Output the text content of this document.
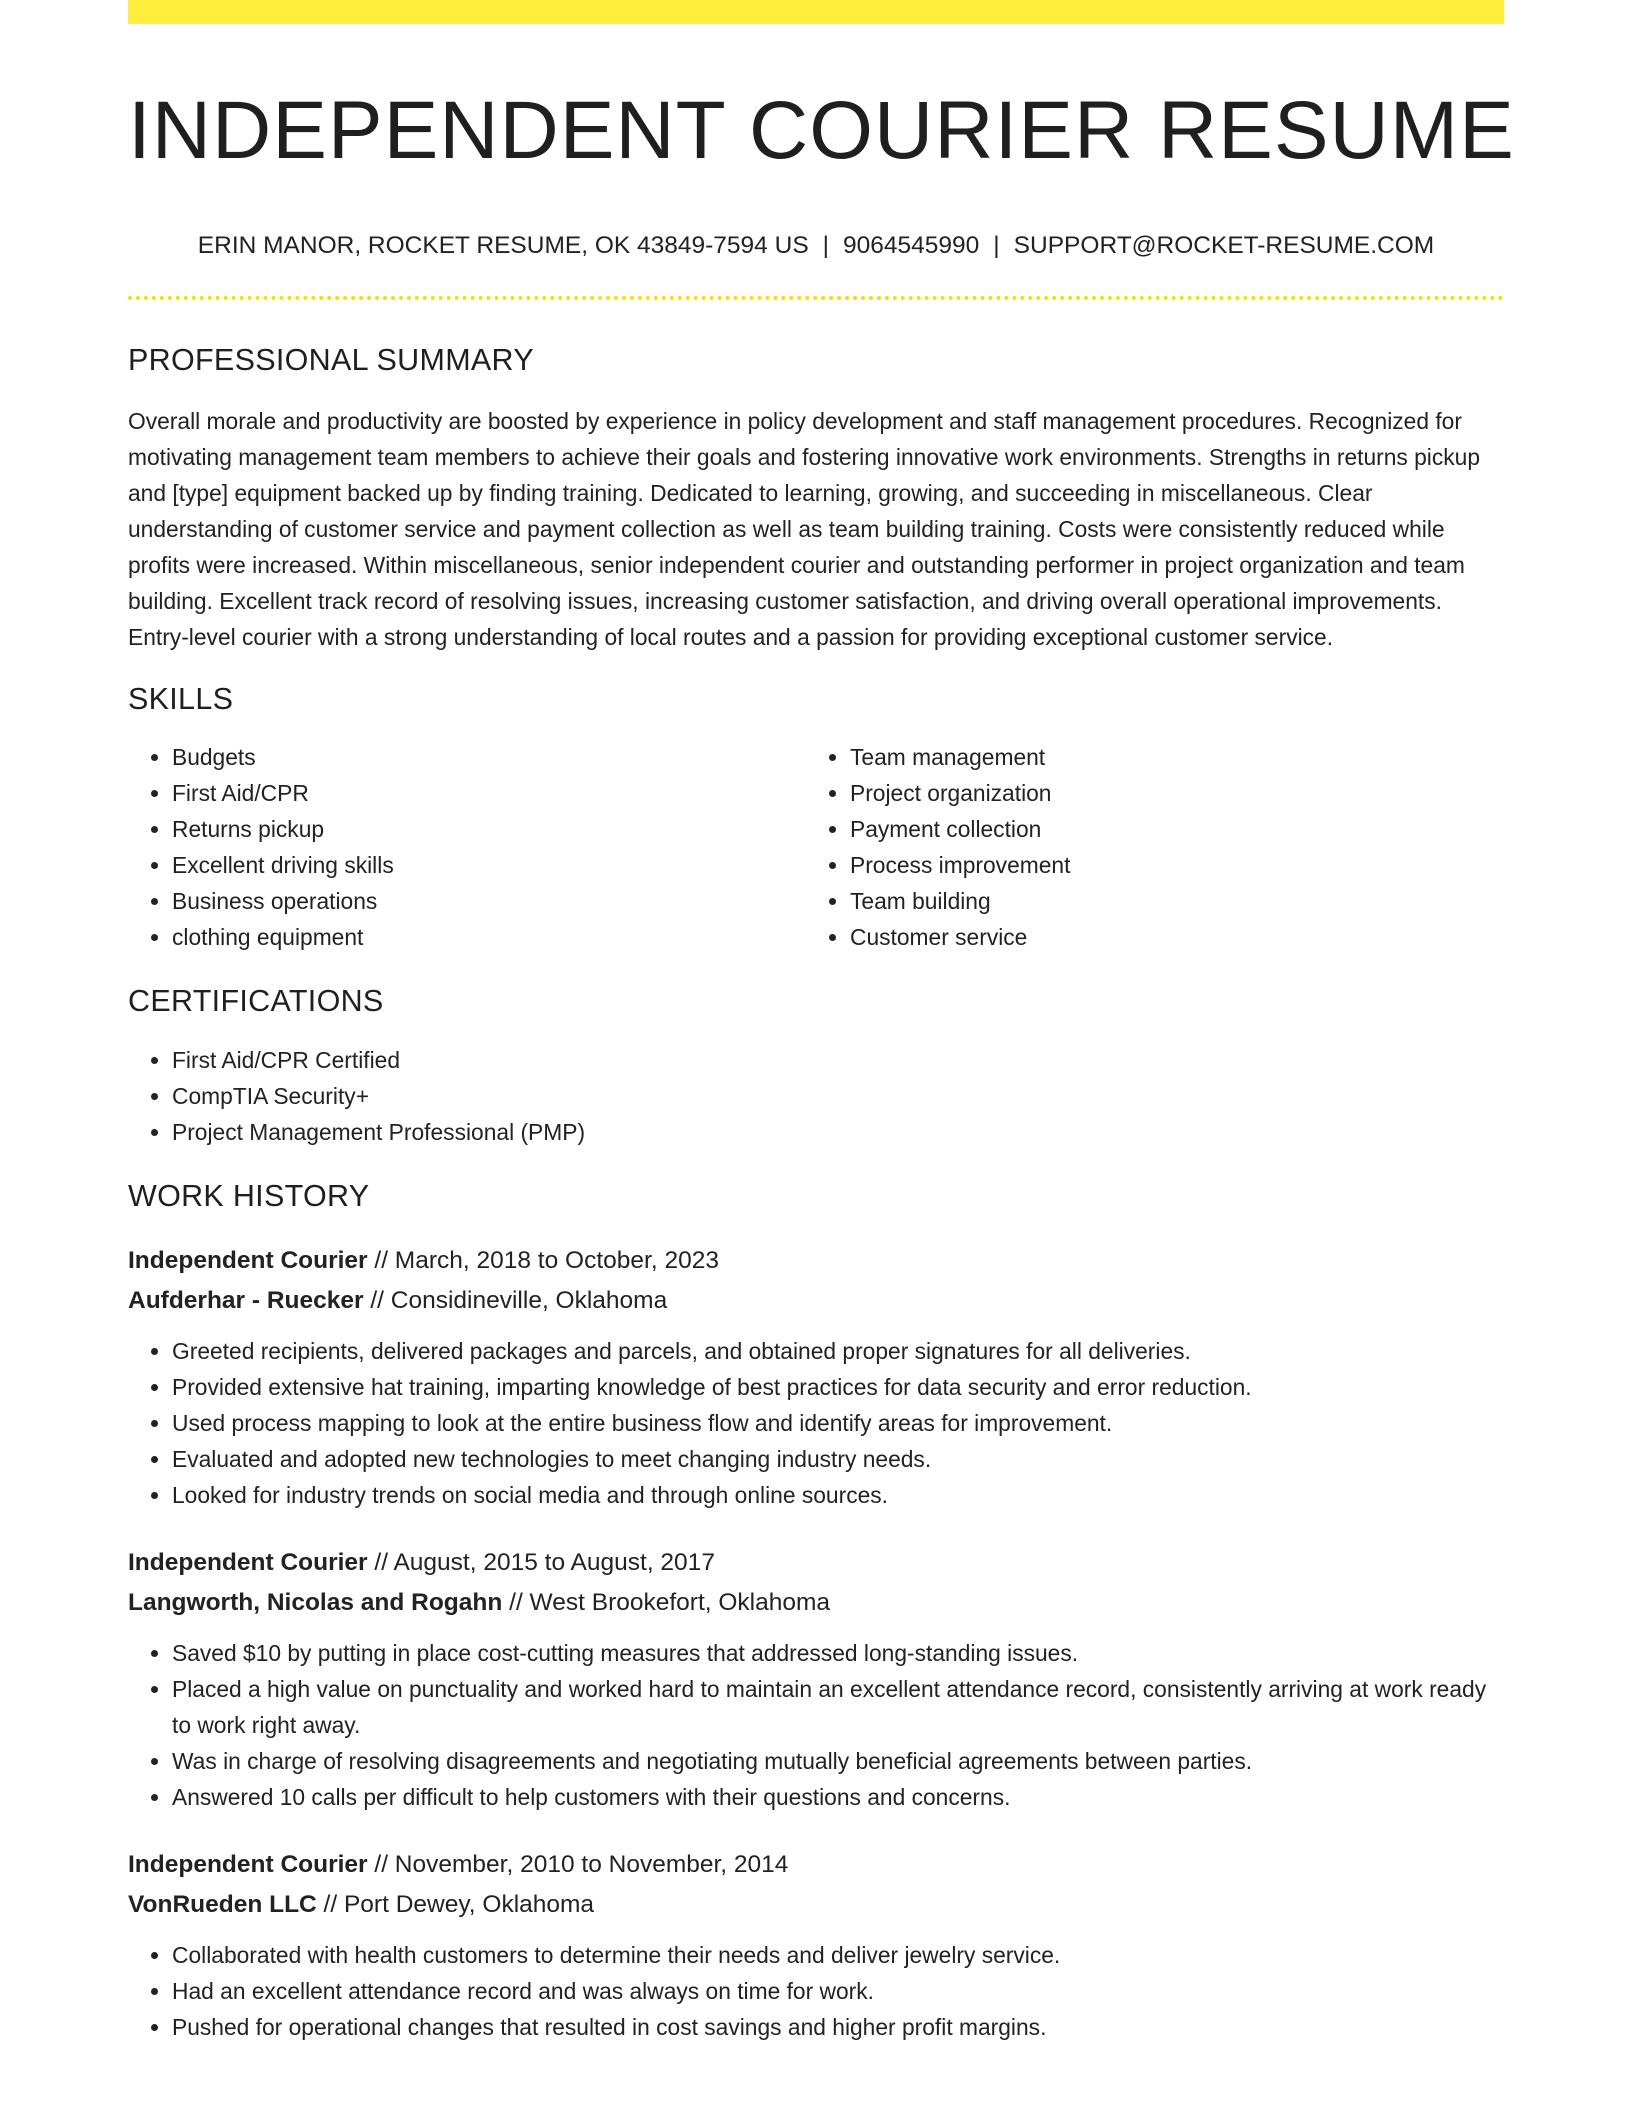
INDEPENDENT COURIER RESUME
ERIN MANOR, ROCKET RESUME, OK 43849-7594 US | 9064545990 | SUPPORT@ROCKET-RESUME.COM
PROFESSIONAL SUMMARY
Overall morale and productivity are boosted by experience in policy development and staff management procedures. Recognized for motivating management team members to achieve their goals and fostering innovative work environments. Strengths in returns pickup and [type] equipment backed up by finding training. Dedicated to learning, growing, and succeeding in miscellaneous. Clear understanding of customer service and payment collection as well as team building training. Costs were consistently reduced while profits were increased. Within miscellaneous, senior independent courier and outstanding performer in project organization and team building. Excellent track record of resolving issues, increasing customer satisfaction, and driving overall operational improvements. Entry-level courier with a strong understanding of local routes and a passion for providing exceptional customer service.
SKILLS
• Budgets
• First Aid/CPR
• Returns pickup
• Excellent driving skills
• Business operations
• clothing equipment
• Team management
• Project organization
• Payment collection
• Process improvement
• Team building
• Customer service
CERTIFICATIONS
• First Aid/CPR Certified
• CompTIA Security+
• Project Management Professional (PMP)
WORK HISTORY
Independent Courier // March, 2018 to October, 2023
Aufderhar - Ruecker // Considineville, Oklahoma
• Greeted recipients, delivered packages and parcels, and obtained proper signatures for all deliveries.
• Provided extensive hat training, imparting knowledge of best practices for data security and error reduction.
• Used process mapping to look at the entire business flow and identify areas for improvement.
• Evaluated and adopted new technologies to meet changing industry needs.
• Looked for industry trends on social media and through online sources.
Independent Courier // August, 2015 to August, 2017
Langworth, Nicolas and Rogahn // West Brookefort, Oklahoma
• Saved $10 by putting in place cost-cutting measures that addressed long-standing issues.
• Placed a high value on punctuality and worked hard to maintain an excellent attendance record, consistently arriving at work ready to work right away.
• Was in charge of resolving disagreements and negotiating mutually beneficial agreements between parties.
• Answered 10 calls per difficult to help customers with their questions and concerns.
Independent Courier // November, 2010 to November, 2014
VonRueden LLC // Port Dewey, Oklahoma
• Collaborated with health customers to determine their needs and deliver jewelry service.
• Had an excellent attendance record and was always on time for work.
• Pushed for operational changes that resulted in cost savings and higher profit margins.
